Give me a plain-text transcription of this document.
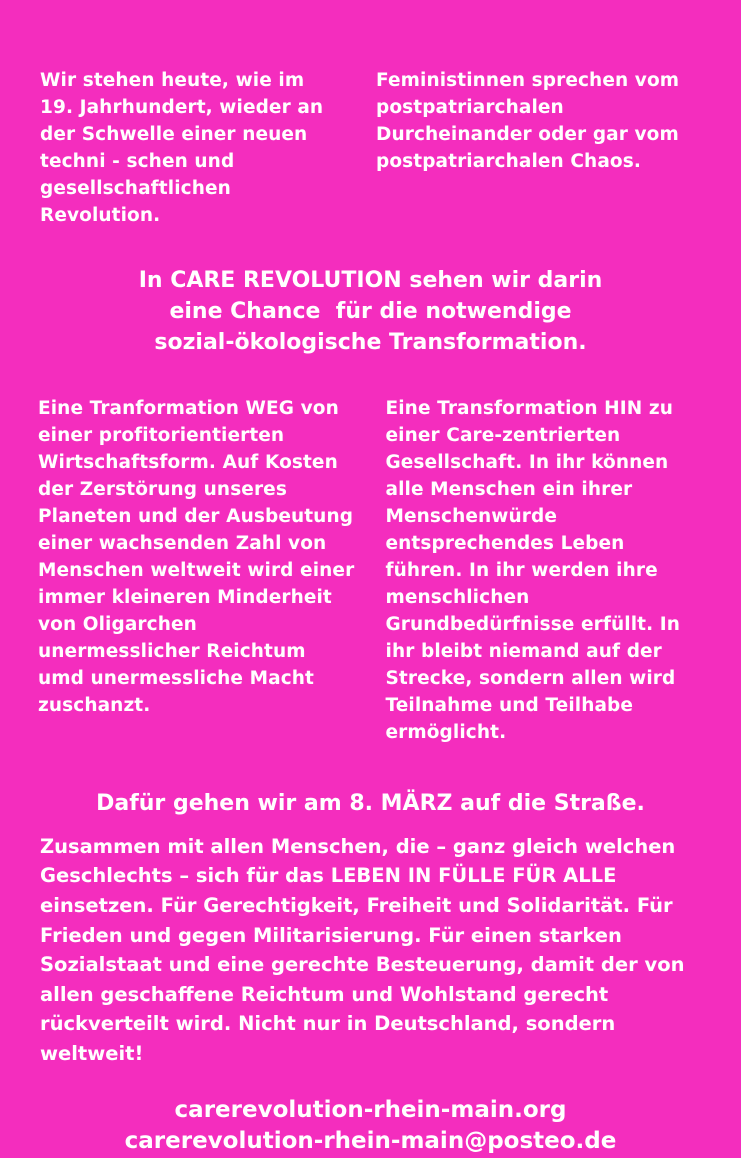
Wir stehen heute, wie im 19. Jahrhundert, wieder an der Schwelle einer neuen techni - schen und gesellschaftlichen Revolution.

Feministinnen sprechen vom postpatriarchalen Durcheinander oder gar vom postpatriarchalen Chaos.

In CARE REVOLUTION sehen wir darin
eine Chance  für die notwendige
sozial-ökologische Transformation.

Eine Tranformation WEG von einer profitorientierten Wirtschaftsform. Auf Kosten der Zerstörung unseres Planeten und der Ausbeutung einer wachsenden Zahl von Menschen weltweit wird einer immer kleineren Minderheit von Oligarchen unermesslicher Reichtum umd unermessliche Macht zuschanzt.

Eine Transformation HIN zu einer Care-zentrierten Gesellschaft. In ihr können alle Menschen ein ihrer Menschenwürde entsprechendes Leben führen. In ihr werden ihre menschlichen Grundbedürfnisse erfüllt. In ihr bleibt niemand auf der Strecke, sondern allen wird Teilnahme und Teilhabe ermöglicht.

Dafür gehen wir am 8. MÄRZ auf die Straße.
Zusammen mit allen Menschen, die – ganz gleich welchen Geschlechts – sich für das LEBEN IN FÜLLE FÜR ALLE einsetzen. Für Gerechtigkeit, Freiheit und Solidarität. Für Frieden und gegen Militarisierung. Für einen starken Sozialstaat und eine gerechte Besteuerung, damit der von allen geschaffene Reichtum und Wohlstand gerecht rückverteilt wird. Nicht nur in Deutschland, sondern weltweit!
carerevolution-rhein-main.org
carerevolution-rhein-main@posteo.de
